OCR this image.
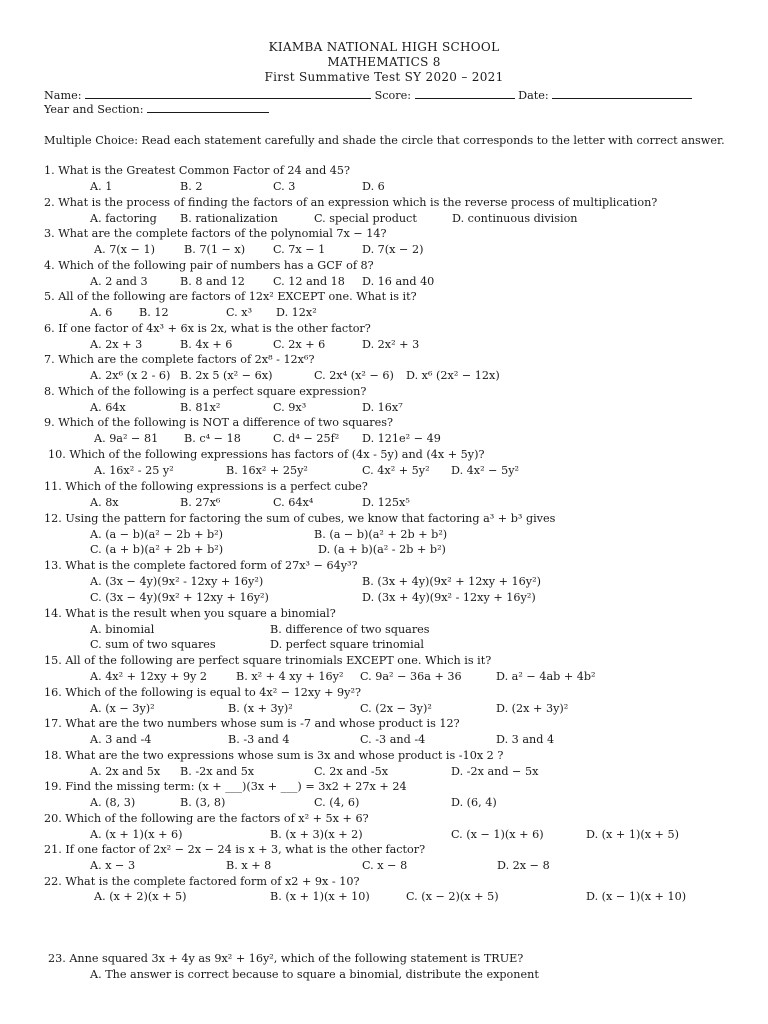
KIAMBA NATIONAL HIGH SCHOOL
MATHEMATICS 8
First Summative Test SY 2020 – 2021
Name:	Score:	Date:
Year and Section:
Multiple Choice: Read each statement carefully and shade the circle that corresponds to the letter with correct answer.
1. What is the Greatest Common Factor of 24 and 45?
A. 1	B. 2	C. 3	D. 6
2. What is the process of finding the factors of an expression which is the reverse process of multiplication?
A. factoring B. rationalization	C. special product	D. continuous division
3. What are the complete factors of the polynomial 7x − 14?
A. 7(x − 1)	B. 7(1 − x) C. 7x − 1	D. 7(x − 2)
4. Which of the following pair of numbers has a GCF of 8?
A. 2 and 3	B. 8 and 12	C. 12 and 18 D. 16 and 40
5. All of the following are factors of 12x² EXCEPT one. What is it?
A. 6 B. 12	C. x³ D. 12x²
6. If one factor of 4x³ + 6x is 2x, what is the other factor?
A. 2x + 3	B. 4x + 6	C. 2x + 6	D. 2x² + 3
7. Which are the complete factors of 2x⁸ - 12x⁶?
A. 2x⁶ (x 2 - 6) B. 2x 5 (x² − 6x)	C. 2x⁴ (x² − 6) D. x⁶ (2x² − 12x)
8. Which of the following is a perfect square expression?
A. 64x	B. 81x²	C. 9x³	D. 16x⁷
9. Which of the following is NOT a difference of two squares?
A. 9a² − 81 B. c⁴ − 18	C. d⁴ − 25f² D. 121e² − 49
10. Which of the following expressions has factors of (4x - 5y) and (4x + 5y)?
A. 16x² - 25 y²	B. 16x² + 25y²	C. 4x² + 5y² D. 4x² − 5y²
11. Which of the following expressions is a perfect cube?
A. 8x	B. 27x⁶	C. 64x⁴	D. 125x⁵
12. Using the pattern for factoring the sum of cubes, we know that factoring a³ + b³ gives
A. (a − b)(a² − 2b + b²)	B. (a − b)(a² + 2b + b²)
C. (a + b)(a² + 2b + b²)	D. (a + b)(a² - 2b + b²)
13. What is the complete factored form of 27x³ − 64y³?
A. (3x − 4y)(9x² - 12xy + 16y²)	B. (3x + 4y)(9x² + 12xy + 16y²)
C. (3x − 4y)(9x² + 12xy + 16y²)	D. (3x + 4y)(9x² - 12xy + 16y²)
14. What is the result when you square a binomial?
A. binomial	B. difference of two squares
C. sum of two squares	D. perfect square trinomial
15. All of the following are perfect square trinomials EXCEPT one. Which is it?
A. 4x² + 12xy + 9y 2	B. x² + 4 xy + 16y² C. 9a² − 36a + 36	D. a² − 4ab + 4b²
16. Which of the following is equal to 4x² − 12xy + 9y²?
A. (x − 3y)²	B. (x + 3y)²	C. (2x − 3y)²	D. (2x + 3y)²
17. What are the two numbers whose sum is -7 and whose product is 12?
A. 3 and -4	B. -3 and 4	C. -3 and -4	D. 3 and 4
18. What are the two expressions whose sum is 3x and whose product is -10x 2 ?
A. 2x and 5x B. -2x and 5x	C. 2x and -5x	D. -2x and − 5x
19. Find the missing term: (x + ___)(3x + ___) = 3x2 + 27x + 24
A. (8, 3)	B. (3, 8)	C. (4, 6)	D. (6, 4)
20. Which of the following are the factors of x² + 5x + 6?
A. (x + 1)(x + 6)	B. (x + 3)(x + 2)	C. (x − 1)(x + 6)	D. (x + 1)(x + 5)
21. If one factor of 2x² − 2x − 24 is x + 3, what is the other factor?
A. x − 3	B. x + 8	C. x − 8	D. 2x − 8
22. What is the complete factored form of x2 + 9x - 10?
A. (x + 2)(x + 5)	B. (x + 1)(x + 10)	C. (x − 2)(x + 5)	D. (x − 1)(x + 10)
23. Anne squared 3x + 4y as 9x² + 16y², which of the following statement is TRUE?
A. The answer is correct because to square a binomial, distribute the exponent
